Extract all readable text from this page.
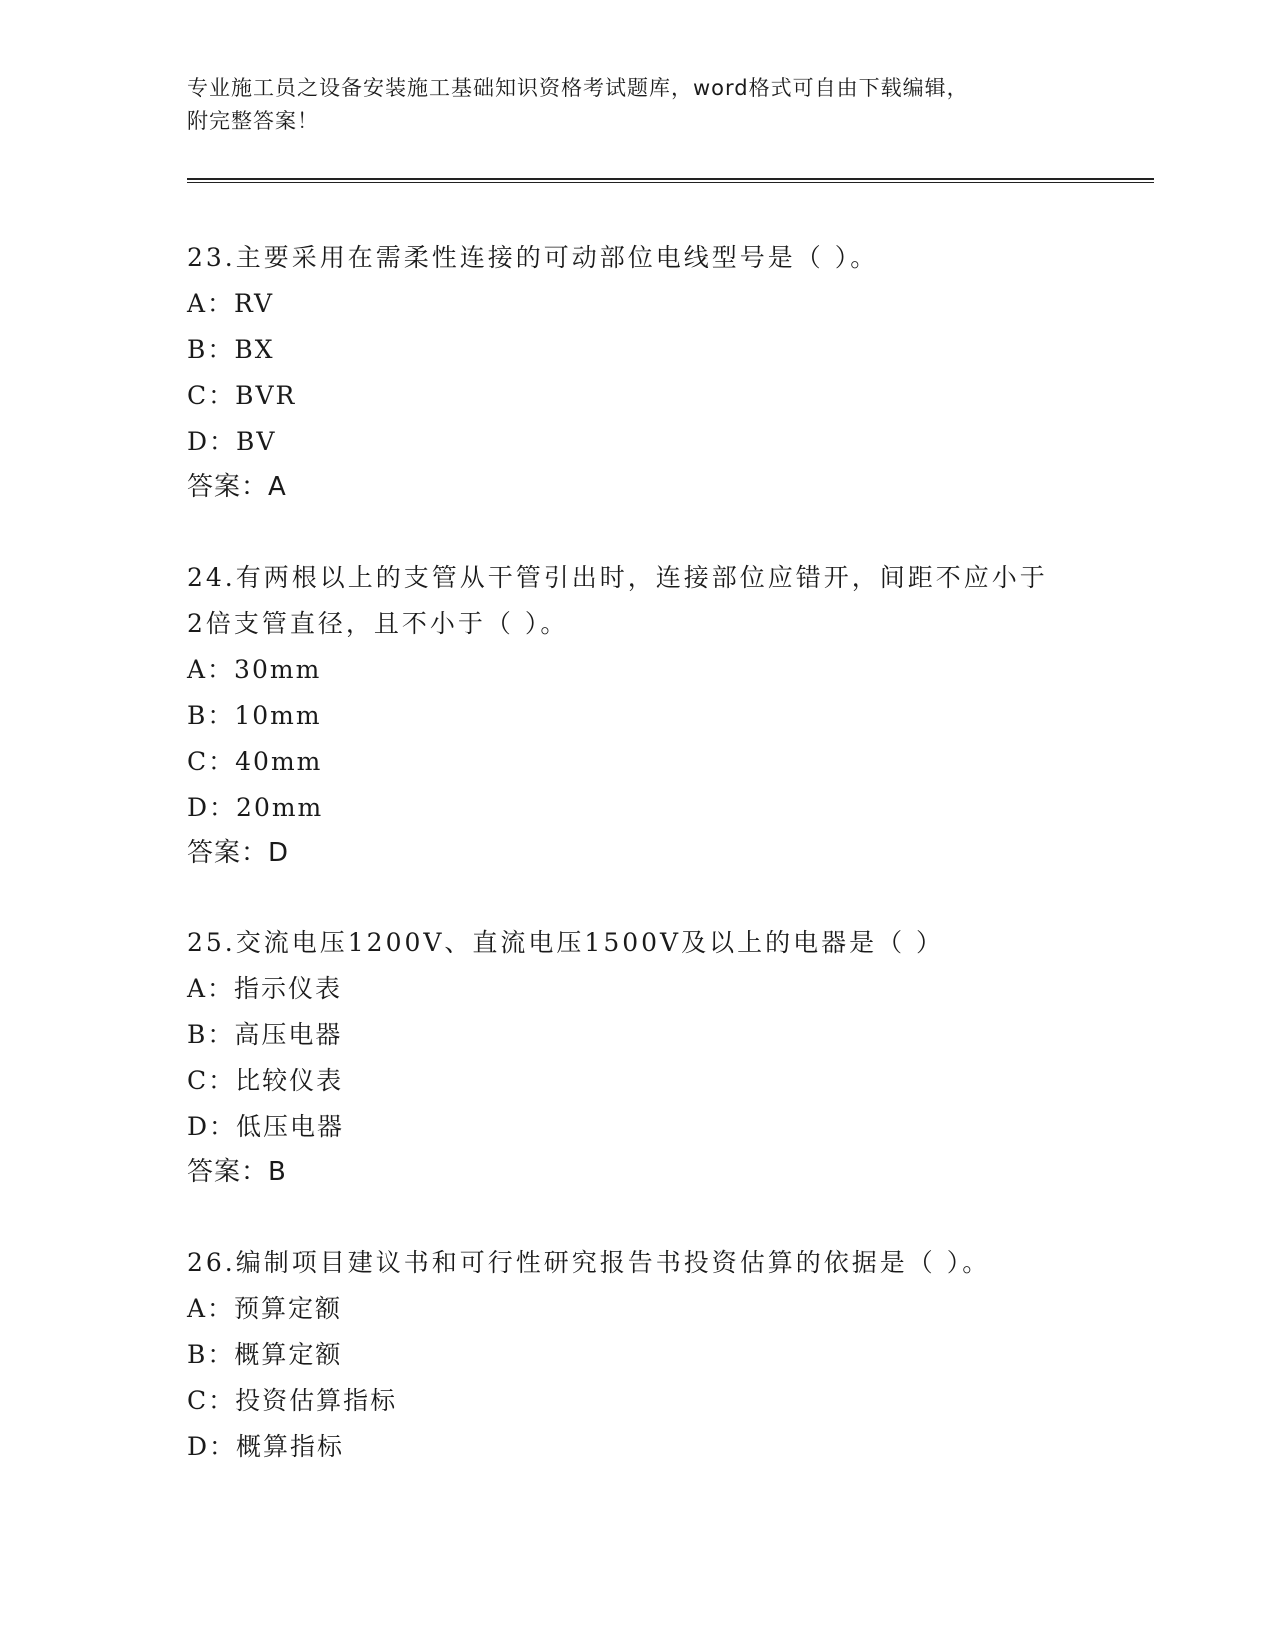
专业施工员之设备安装施工基础知识资格考试题库，word格式可自由下载编辑，
附完整答案！

23.主要采用在需柔性连接的可动部位电线型号是（ ）。

A：RV

B：BX

C：BVR

D：BV

答案：A

24.有两根以上的支管从干管引出时，连接部位应错开，间距不应小于

2倍支管直径，且不小于（ ）。

A：30mm

B：10mm

C：40mm

D：20mm

答案：D

25.交流电压1200V、直流电压1500V及以上的电器是（ ）

A：指示仪表

B：高压电器

C：比较仪表

D：低压电器

答案：B

26.编制项目建议书和可行性研究报告书投资估算的依据是（ ）。

A：预算定额

B：概算定额

C：投资估算指标

D：概算指标
